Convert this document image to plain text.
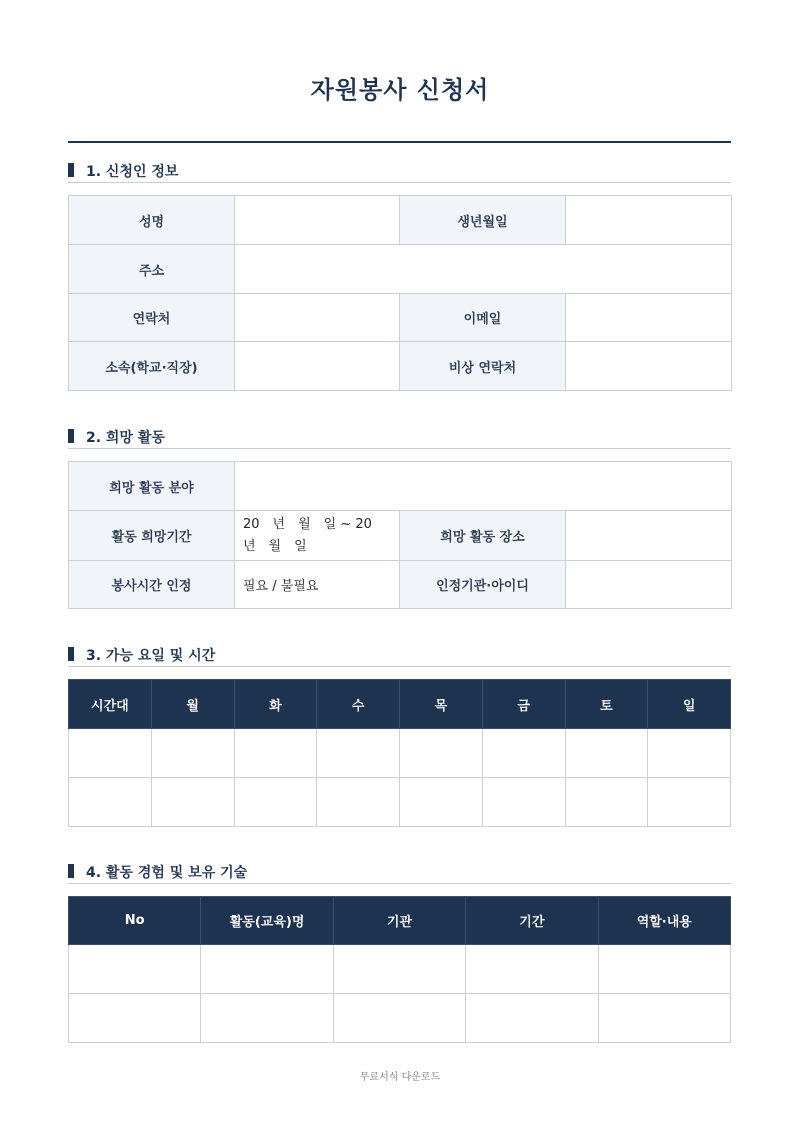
자원봉사 신청서
1. 신청인 정보
성명		생년월일	
주소			
연락처		이메일	
소속(학교·직장)		비상 연락처	
2. 희망 활동
희망 활동 분야			
활동 희망기간	20　년　월　일 ~ 20　년　월　일	희망 활동 장소	
봉사시간 인정	필요 / 불필요	인정기관·아이디	
3. 가능 요일 및 시간
시간대	월	화	수	목	금	토	일

4. 활동 경험 및 보유 기술
No	활동(교육)명	기관	기간	역할·내용

무료서식 다운로드
